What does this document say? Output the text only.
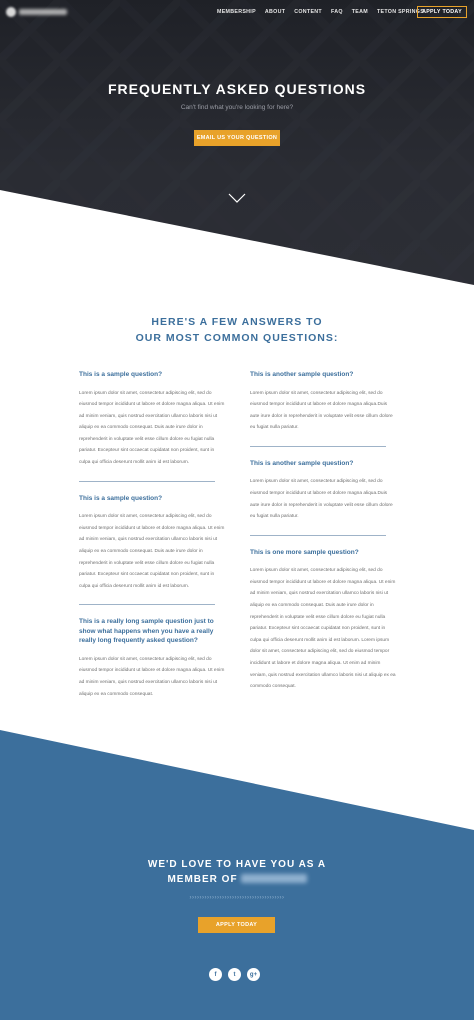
MEMBERSHIP ABOUT CONTENT FAQ TEAM TETON SPRINGS
APPLY TODAY
FREQUENTLY ASKED QUESTIONS
Can't find what you're looking for here?
EMAIL US YOUR QUESTION
HERE'S A FEW ANSWERS TO
OUR MOST COMMON QUESTIONS:
This is a sample question?
Lorem ipsum dolor sit amet, consectetur adipiscing elit, sed do eiusmod tempor incididunt ut labore et dolore magna aliqua. Ut enim ad minim veniam, quis nostrud exercitation ullamco laboris nisi ut aliquip ex ea commodo consequat. Duis aute irure dolor in reprehenderit in voluptate velit esse cillum dolore eu fugiat nulla pariatur. Excepteur sint occaecat cupidatat non proident, sunt in culpa qui officia deserunt mollit anim id est laborum.
This is a sample question?
Lorem ipsum dolor sit amet, consectetur adipiscing elit, sed do eiusmod tempor incididunt ut labore et dolore magna aliqua. Ut enim ad minim veniam, quis nostrud exercitation ullamco laboris nisi ut aliquip ex ea commodo consequat. Duis aute irure dolor in reprehenderit in voluptate velit esse cillum dolore eu fugiat nulla pariatur. Excepteur sint occaecat cupidatat non proident, sunt in culpa qui officia deserunt mollit anim id est laborum.
This is a really long sample question just to show what happens when you have a really really long frequently asked question?
Lorem ipsum dolor sit amet, consectetur adipiscing elit, sed do eiusmod tempor incididunt ut labore et dolore magna aliqua. Ut enim ad minim veniam, quis nostrud exercitation ullamco laboris nisi ut aliquip ex ea commodo consequat.
This is another sample question?
Lorem ipsum dolor sit amet, consectetur adipiscing elit, sed do eiusmod tempor incididunt ut labore et dolore magna aliqua.Duis aute irure dolor in reprehenderit in voluptate velit esse cillum dolore eu fugiat nulla pariatur.
This is another sample question?
Lorem ipsum dolor sit amet, consectetur adipiscing elit, sed do eiusmod tempor incididunt ut labore et dolore magna aliqua.Duis aute irure dolor in reprehenderit in voluptate velit esse cillum dolore eu fugiat nulla pariatur.
This is one more sample question?
Lorem ipsum dolor sit amet, consectetur adipiscing elit, sed do eiusmod tempor incididunt ut labore et dolore magna aliqua. Ut enim ad minim veniam, quis nostrud exercitation ullamco laboris nisi ut aliquip ex ea commodo consequat. Duis aute irure dolor in reprehenderit in voluptate velit esse cillum dolore eu fugiat nulla pariatur. Excepteur sint occaecat cupidatat non proident, sunt in culpa qui officia deserunt mollit anim id est laborum. Lorem ipsum dolor sit amet, consectetur adipiscing elit, sed do eiusmod tempor incididunt ut labore et dolore magna aliqua. Ut enim ad minim veniam, quis nostrud exercitation ullamco laboris nisi ut aliquip ex ea commodo consequat.
WE'D LOVE TO HAVE YOU AS A
MEMBER OF
››››››››››››››››››››››››››››››››››››››
APPLY TODAY
f	t	g+
